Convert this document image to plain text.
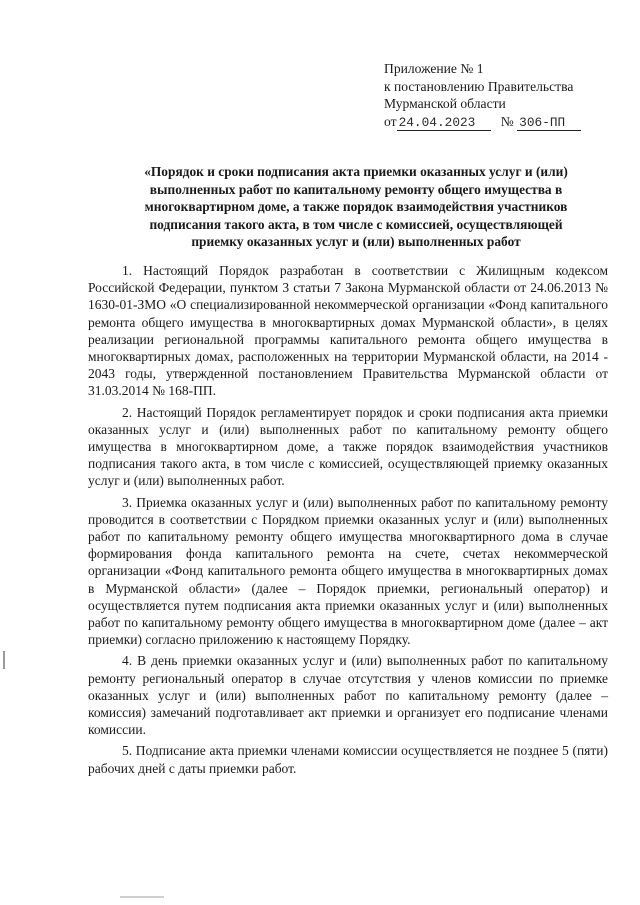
Приложение № 1
к постановлению Правительства
Мурманской области
от 24.04.2023 № 306-ПП
«Порядок и сроки подписания акта приемки оказанных услуг и (или)
выполненных работ по капитальному ремонту общего имущества в
многоквартирном доме, а также порядок взаимодействия участников
подписания такого акта, в том числе с комиссией, осуществляющей
приемку оказанных услуг и (или) выполненных работ

1. Настоящий Порядок разработан в соответствии с Жилищным кодексом Российской Федерации, пунктом 3 статьи 7 Закона Мурманской области от 24.06.2013 № 1630-01-ЗМО «О специализированной некоммерческой организации «Фонд капитального ремонта общего имущества в многоквартирных домах Мурманской области», в целях реализации региональной программы капитального ремонта общего имущества в многоквартирных домах, расположенных на территории Мурманской области, на 2014 - 2043 годы, утвержденной постановлением Правительства Мурманской области от 31.03.2014 № 168-ПП.

2. Настоящий Порядок регламентирует порядок и сроки подписания акта приемки оказанных услуг и (или) выполненных работ по капитальному ремонту общего имущества в многоквартирном доме, а также порядок взаимодействия участников подписания такого акта, в том числе с комиссией, осуществляющей приемку оказанных услуг и (или) выполненных работ.

3. Приемка оказанных услуг и (или) выполненных работ по капитальному ремонту проводится в соответствии с Порядком приемки оказанных услуг и (или) выполненных работ по капитальному ремонту общего имущества многоквартирного дома в случае формирования фонда капитального ремонта на счете, счетах некоммерческой организации «Фонд капитального ремонта общего имущества в многоквартирных домах в Мурманской области» (далее – Порядок приемки, региональный оператор) и осуществляется путем подписания акта приемки оказанных услуг и (или) выполненных работ по капитальному ремонту общего имущества в многоквартирном доме (далее – акт приемки) согласно приложению к настоящему Порядку.

4. В день приемки оказанных услуг и (или) выполненных работ по капитальному ремонту региональный оператор в случае отсутствия у членов комиссии по приемке оказанных услуг и (или) выполненных работ по капитальному ремонту (далее – комиссия) замечаний подготавливает акт приемки и организует его подписание членами комиссии.

5. Подписание акта приемки членами комиссии осуществляется не позднее 5 (пяти) рабочих дней с даты приемки работ.
